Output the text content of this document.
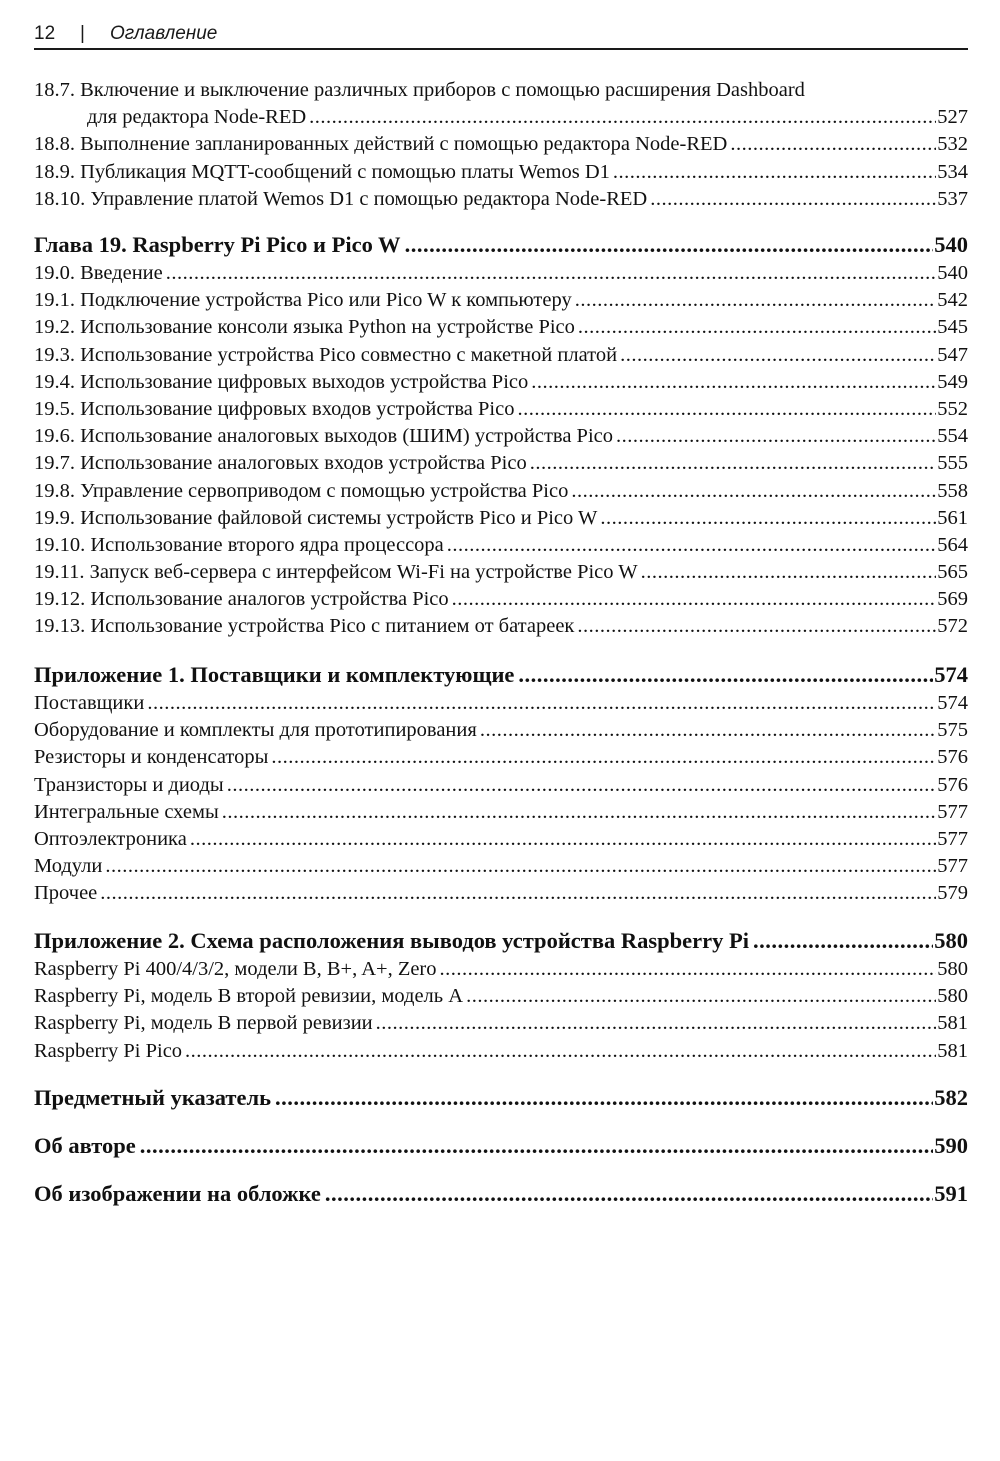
12 | Оглавление
18.7. Включение и выключение различных приборов с помощью расширения Dashboard
для редактора Node-RED .....	527
18.8. Выполнение запланированных действий с помощью редактора Node-RED .....	532
18.9. Публикация MQTT-сообщений с помощью платы Wemos D1 .....	534
18.10. Управление платой Wemos D1 с помощью редактора Node-RED .....	537
Глава 19. Raspberry Pi Pico и Pico W .....	540
19.0. Введение .....	540
19.1. Подключение устройства Pico или Pico W к компьютеру .....	542
19.2. Использование консоли языка Python на устройстве Pico .....	545
19.3. Использование устройства Pico совместно с макетной платой .....	547
19.4. Использование цифровых выходов устройства Pico .....	549
19.5. Использование цифровых входов устройства Pico .....	552
19.6. Использование аналоговых выходов (ШИМ) устройства Pico .....	554
19.7. Использование аналоговых входов устройства Pico .....	555
19.8. Управление сервоприводом с помощью устройства Pico .....	558
19.9. Использование файловой системы устройств Pico и Pico W .....	561
19.10. Использование второго ядра процессора .....	564
19.11. Запуск веб-сервера с интерфейсом Wi-Fi на устройстве Pico W .....	565
19.12. Использование аналогов устройства Pico .....	569
19.13. Использование устройства Pico с питанием от батареек .....	572
Приложение 1. Поставщики и комплектующие .....	574
Поставщики .....	574
Оборудование и комплекты для прототипирования .....	575
Резисторы и конденсаторы .....	576
Транзисторы и диоды .....	576
Интегральные схемы .....	577
Оптоэлектроника .....	577
Модули .....	577
Прочее .....	579
Приложение 2. Схема расположения выводов устройства Raspberry Pi .....	580
Raspberry Pi 400/4/3/2, модели B, B+, A+, Zero .....	580
Raspberry Pi, модель B второй ревизии, модель A .....	580
Raspberry Pi, модель B первой ревизии .....	581
Raspberry Pi Pico .....	581
Предметный указатель .....	582
Об авторе .....	590
Об изображении на обложке .....	591
